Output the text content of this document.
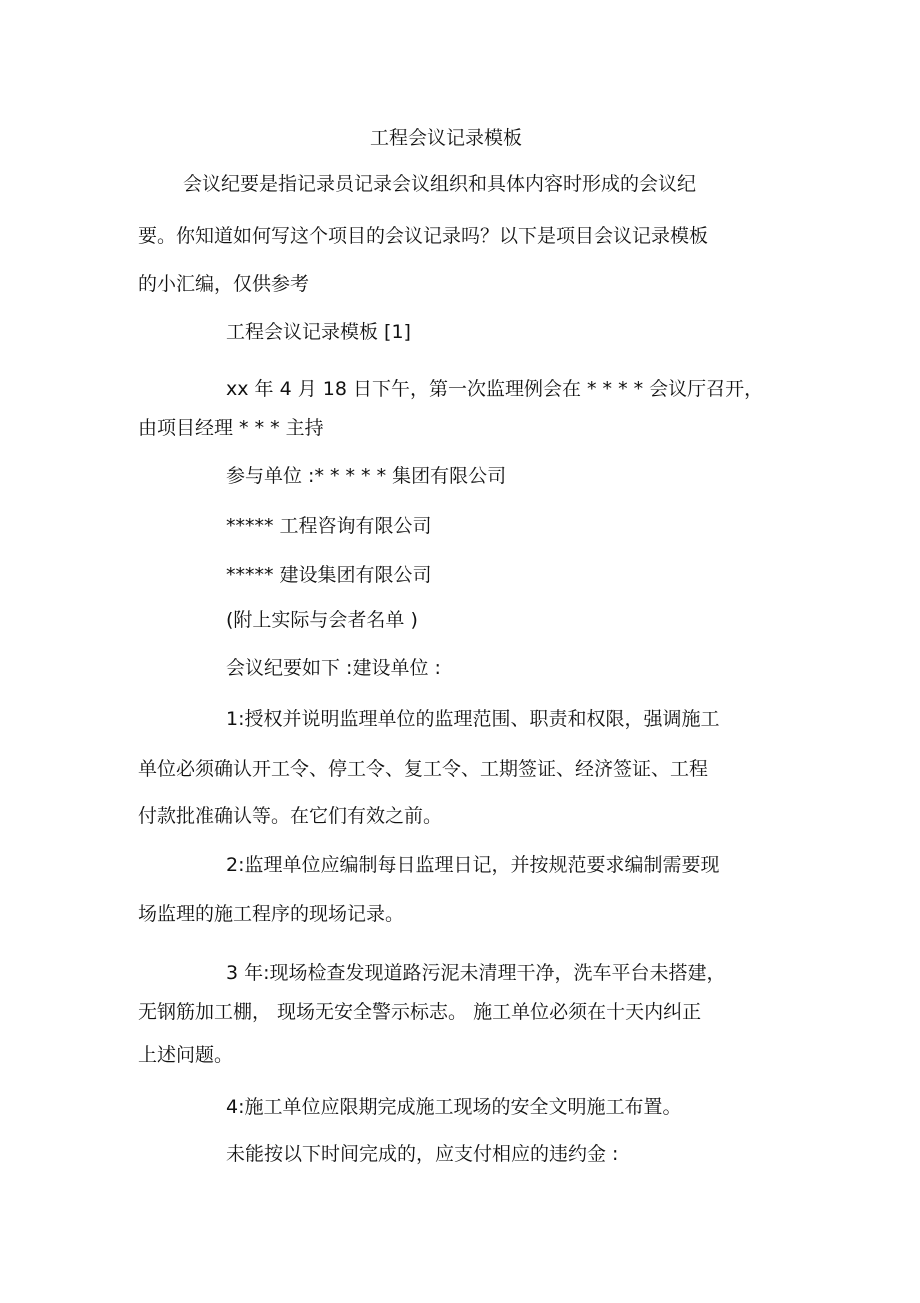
工程会议记录模板
会议纪要是指记录员记录会议组织和具体内容时形成的会议纪
要。你知道如何写这个项目的会议记录吗？以下是项目会议记录模板
的小汇编，仅供参考
工程会议记录模板 [1]
xx 年 4 月 18 日下午，第一次监理例会在 * * * * 会议厅召开，
由项目经理 * * * 主持
参与单位 :* * * * * 集团有限公司
***** 工程咨询有限公司
***** 建设集团有限公司
(附上实际与会者名单 )
会议纪要如下 :建设单位 :
1:授权并说明监理单位的监理范围、职责和权限，强调施工
单位必须确认开工令、停工令、复工令、工期签证、经济签证、工程
付款批准确认等。在它们有效之前。
2:监理单位应编制每日监理日记，并按规范要求编制需要现
场监理的施工程序的现场记录。
3 年:现场检查发现道路污泥未清理干净，洗车平台未搭建，
无钢筋加工棚， 现场无安全警示标志。 施工单位必须在十天内纠正
上述问题。
4:施工单位应限期完成施工现场的安全文明施工布置。
未能按以下时间完成的，应支付相应的违约金 :
